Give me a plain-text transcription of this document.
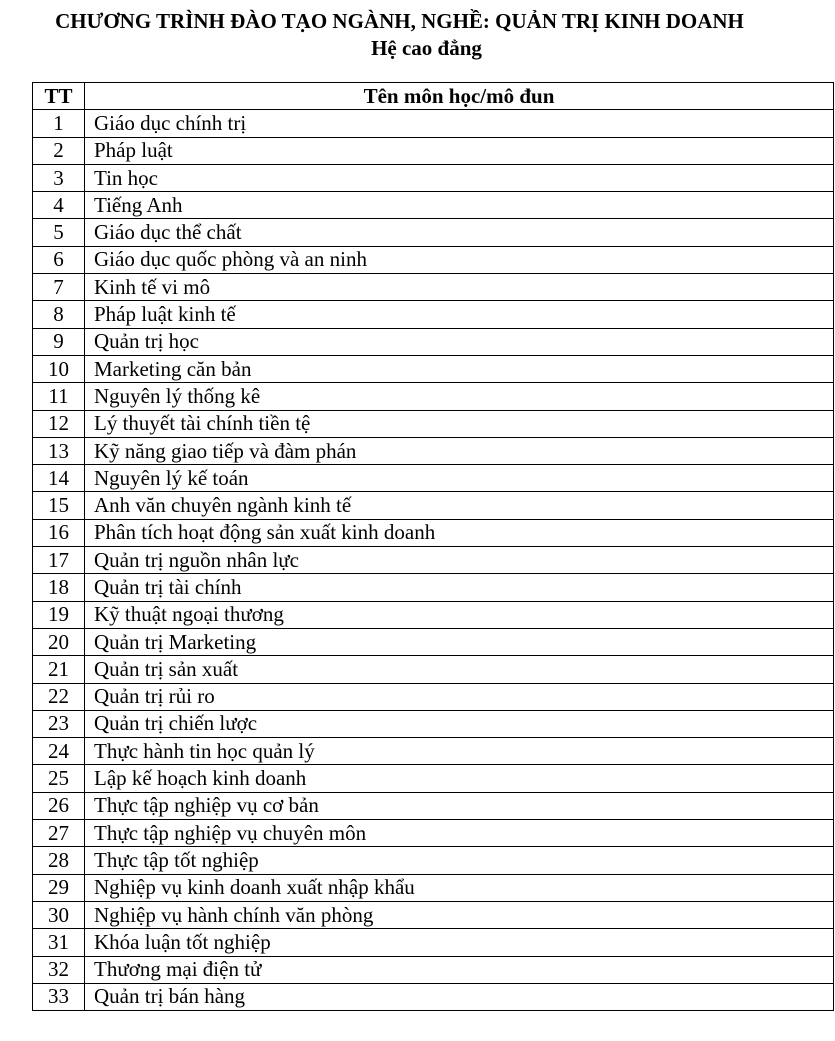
CHƯƠNG TRÌNH ĐÀO TẠO NGÀNH, NGHỀ: QUẢN TRỊ KINH DOANH
Hệ cao đẳng
TT	Tên môn học/mô đun
1	Giáo dục chính trị
2	Pháp luật
3	Tin học
4	Tiếng Anh
5	Giáo dục thể chất
6	Giáo dục quốc phòng và an ninh
7	Kinh tế vi mô
8	Pháp luật kinh tế
9	Quản trị học
10	Marketing căn bản
11	Nguyên lý thống kê
12	Lý thuyết tài chính tiền tệ
13	Kỹ năng giao tiếp và đàm phán
14	Nguyên lý kế toán
15	Anh văn chuyên ngành kinh tế
16	Phân tích hoạt động sản xuất kinh doanh
17	Quản trị nguồn nhân lực
18	Quản trị tài chính
19	Kỹ thuật ngoại thương
20	Quản trị Marketing
21	Quản trị sản xuất
22	Quản trị rủi ro
23	Quản trị chiến lược
24	Thực hành tin học quản lý
25	Lập kế hoạch kinh doanh
26	Thực tập nghiệp vụ cơ bản
27	Thực tập nghiệp vụ chuyên môn
28	Thực tập tốt nghiệp
29	Nghiệp vụ kinh doanh xuất nhập khẩu
30	Nghiệp vụ hành chính văn phòng
31	Khóa luận tốt nghiệp
32	Thương mại điện tử
33	Quản trị bán hàng
